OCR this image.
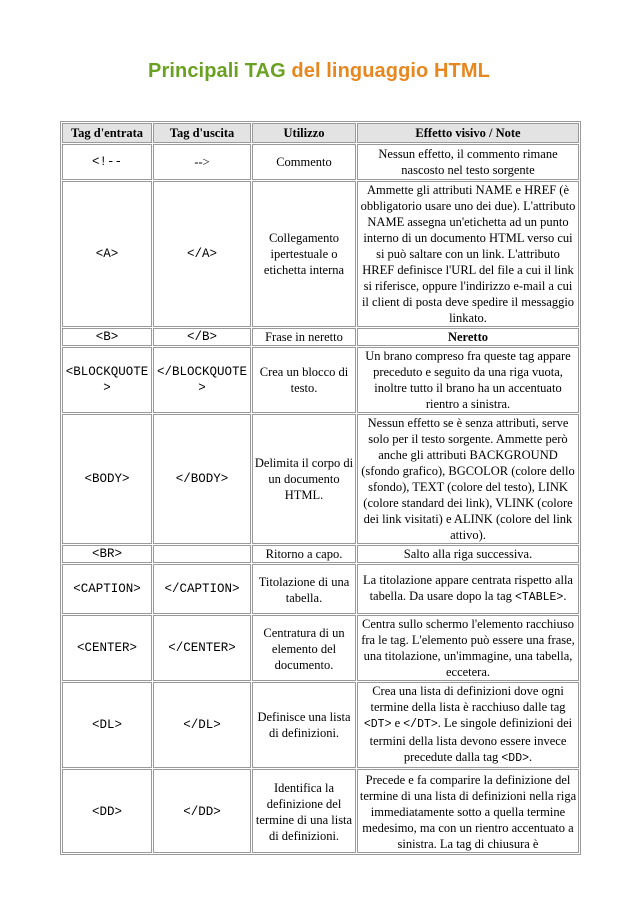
Principali TAG del linguaggio HTML
Tag d'entrata	Tag d'uscita	Utilizzo	Effetto visivo / Note
<!--	-->	Commento	Nessun effetto, il commento rimane nascosto nel testo sorgente
<A>	</A>	Collegamento ipertestuale o etichetta interna	Ammette gli attributi NAME e HREF (è obbligatorio usare uno dei due). L'attributo NAME assegna un'etichetta ad un punto interno di un documento HTML verso cui si può saltare con un link. L'attributo HREF definisce l'URL del file a cui il link si riferisce, oppure l'indirizzo e-mail a cui il client di posta deve spedire il messaggio linkato.
<B>	</B>	Frase in neretto	Neretto
<BLOCKQUOTE>	</BLOCKQUOTE>	Crea un blocco di testo.	Un brano compreso fra queste tag appare preceduto e seguito da una riga vuota, inoltre tutto il brano ha un accentuato rientro a sinistra.
<BODY>	</BODY>	Delimita il corpo di un documento HTML.	Nessun effetto se è senza attributi, serve solo per il testo sorgente. Ammette però anche gli attributi BACKGROUND (sfondo grafico), BGCOLOR (colore dello sfondo), TEXT (colore del testo), LINK (colore standard dei link), VLINK (colore dei link visitati) e ALINK (colore del link attivo).
<BR>		Ritorno a capo.	Salto alla riga successiva.
<CAPTION>	</CAPTION>	Titolazione di una tabella.	La titolazione appare centrata rispetto alla tabella. Da usare dopo la tag <TABLE>.
<CENTER>	</CENTER>	Centratura di un elemento del documento.	Centra sullo schermo l'elemento racchiuso fra le tag. L'elemento può essere una frase, una titolazione, un'immagine, una tabella, eccetera.
<DL>	</DL>	Definisce una lista di definizioni.	Crea una lista di definizioni dove ogni termine della lista è racchiuso dalle tag <DT> e </DT>. Le singole definizioni dei termini della lista devono essere invece precedute dalla tag <DD>.
<DD>	</DD>	Identifica la definizione del termine di una lista di definizioni.	Precede e fa comparire la definizione del termine di una lista di definizioni nella riga immediatamente sotto a quella termine medesimo, ma con un rientro accentuato a sinistra. La tag di chiusura è
